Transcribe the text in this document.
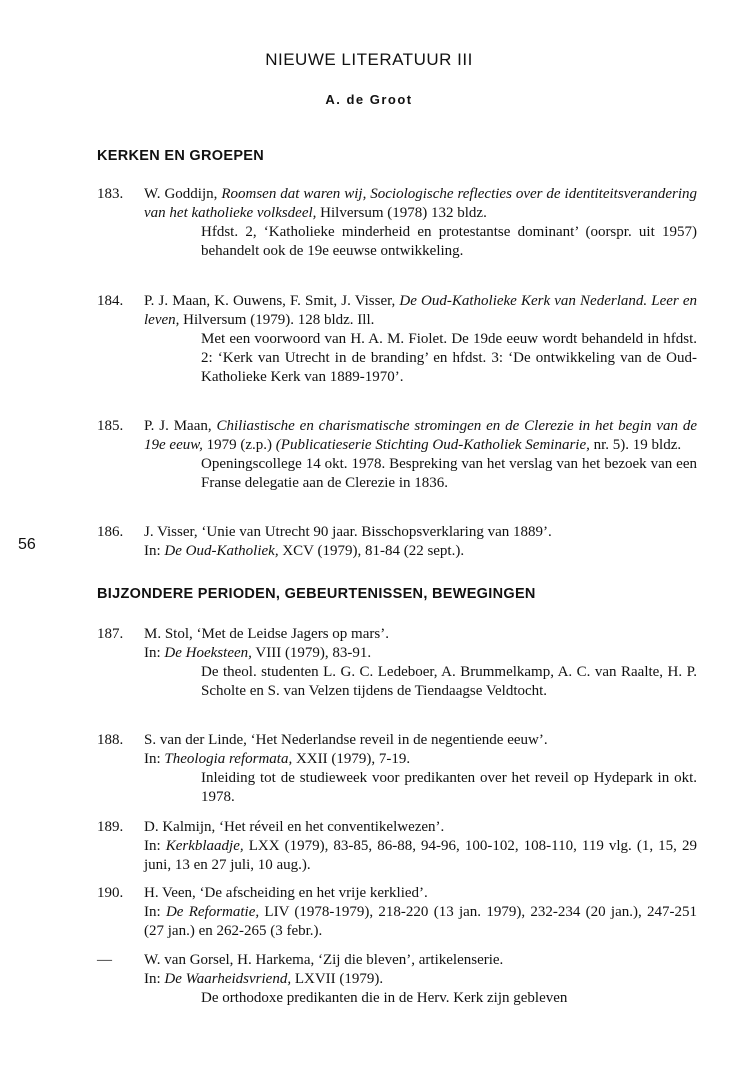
NIEUWE LITERATUUR III
A. de Groot
56
KERKEN EN GROEPEN
183.	W. Goddijn, Roomsen dat waren wij, Sociologische reflecties over de identiteitsverandering van het katholieke volksdeel, Hilversum (1978) 132 bldz.
Hfdst. 2, ‘Katholieke minderheid en protestantse dominant’ (oorspr. uit 1957) behandelt ook de 19e eeuwse ontwikkeling.
184.	P. J. Maan, K. Ouwens, F. Smit, J. Visser, De Oud-Katholieke Kerk van Nederland. Leer en leven, Hilversum (1979). 128 bldz. Ill.
Met een voorwoord van H. A. M. Fiolet. De 19de eeuw wordt behandeld in hfdst. 2: ‘Kerk van Utrecht in de branding’ en hfdst. 3: ‘De ontwikkeling van de Oud-Katholieke Kerk van 1889-1970’.
185.	P. J. Maan, Chiliastische en charismatische stromingen en de Clerezie in het begin van de 19e eeuw, 1979 (z.p.) (Publicatieserie Stichting Oud-Katholiek Seminarie, nr. 5). 19 bldz.
Openingscollege 14 okt. 1978. Bespreking van het verslag van het bezoek van een Franse delegatie aan de Clerezie in 1836.
186.	J. Visser, ‘Unie van Utrecht 90 jaar. Bisschopsverklaring van 1889’.
In: De Oud-Katholiek, XCV (1979), 81-84 (22 sept.).
BIJZONDERE PERIODEN, GEBEURTENISSEN, BEWEGINGEN
187.	M. Stol, ‘Met de Leidse Jagers op mars’.
In: De Hoeksteen, VIII (1979), 83-91.
De theol. studenten L. G. C. Ledeboer, A. Brummelkamp, A. C. van Raalte, H. P. Scholte en S. van Velzen tijdens de Tiendaagse Veldtocht.
188.	S. van der Linde, ‘Het Nederlandse reveil in de negentiende eeuw’.
In: Theologia reformata, XXII (1979), 7-19.
Inleiding tot de studieweek voor predikanten over het reveil op Hydepark in okt. 1978.
189.	D. Kalmijn, ‘Het réveil en het conventikelwezen’.
In: Kerkblaadje, LXX (1979), 83-85, 86-88, 94-96, 100-102, 108-110, 119 vlg. (1, 15, 29 juni, 13 en 27 juli, 10 aug.).
190.	H. Veen, ‘De afscheiding en het vrije kerklied’.
In: De Reformatie, LIV (1978-1979), 218-220 (13 jan. 1979), 232-234 (20 jan.), 247-251 (27 jan.) en 262-265 (3 febr.).
—	W. van Gorsel, H. Harkema, ‘Zij die bleven’, artikelenserie.
In: De Waarheidsvriend, LXVII (1979).
De orthodoxe predikanten die in de Herv. Kerk zijn gebleven
